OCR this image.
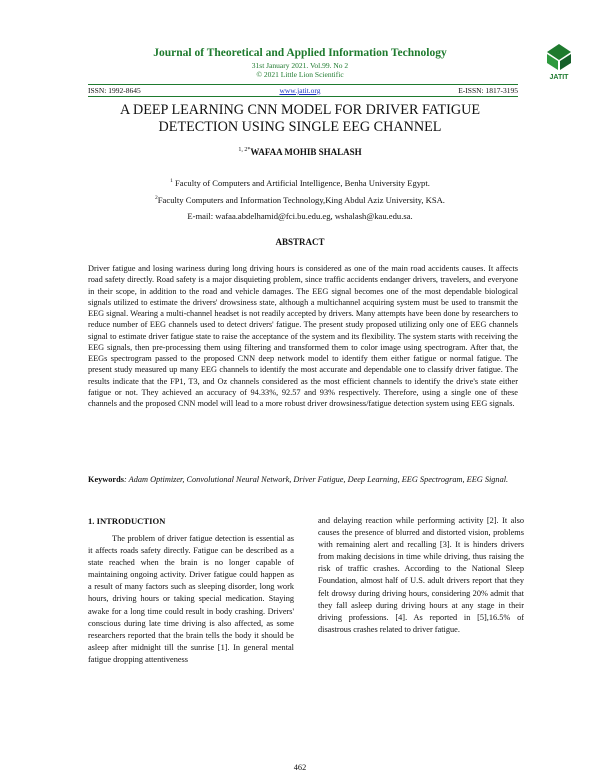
Journal of Theoretical and Applied Information Technology
31st January 2021. Vol.99. No 2
© 2021 Little Lion Scientific	JATIT
ISSN: 1992-8645	www.jatit.org	E-ISSN: 1817-3195
A DEEP LEARNING CNN MODEL FOR DRIVER FATIGUE
DETECTION USING SINGLE EEG CHANNEL
$^{1, 2*}$WAFAA MOHIB SHALASH
$^1$ Faculty of Computers and Artificial Intelligence, Benha University Egypt.
$^2$Faculty Computers and Information Technology,King Abdul Aziz University, KSA.
E-mail: wafaa.abdelhamid@fci.bu.edu.eg, wshalash@kau.edu.sa.
ABSTRACT
Driver fatigue and losing wariness during long driving hours is considered as one of the main road accidents causes. It affects road safety directly. Road safety is a major disquieting problem, since traffic accidents endanger drivers, travelers, and everyone in their scope, in addition to the road and vehicle damages. The EEG signal becomes one of the most dependable biological signals utilized to estimate the drivers' drowsiness state, although a multichannel acquiring system must be used to transmit the EEG signal. Wearing a multi-channel headset is not readily accepted by drivers. Many attempts have been done by researchers to reduce number of EEG channels used to detect drivers' fatigue. The present study proposed utilizing only one of EEG channels signal to estimate driver fatigue state to raise the acceptance of the system and its flexibility. The system starts with receiving the EEG signals, then pre-processing them using filtering and transformed them to color image using spectrogram. After that, the EEGs spectrogram passed to the proposed CNN deep network model to identify them either fatigue or normal fatigue. The present study measured up many EEG channels to identify the most accurate and dependable one to classify driver fatigue. The results indicate that the FP1, T3, and Oz channels considered as the most efficient channels to identify the drive's state either fatigue or not. They achieved an accuracy of 94.33%, 92.57 and 93% respectively. Therefore, using a single one of these channels and the proposed CNN model will lead to a more robust driver drowsiness/fatigue detection system using EEG signals.
Keywords: Adam Optimizer, Convolutional Neural Network, Driver Fatigue, Deep Learning, EEG Spectrogram, EEG Signal.
1. INTRODUCTION
The problem of driver fatigue detection is essential as it affects roads safety directly. Fatigue can be described as a state reached when the brain is no longer capable of maintaining ongoing activity. Driver fatigue could happen as a result of many factors such as sleeping disorder, long work hours, driving hours or taking special medication. Staying awake for a long time could result in body crashing. Drivers' conscious during late time driving is also affected, as some researchers reported that the brain tells the body it should be asleep after midnight till the sunrise [1]. In general mental fatigue dropping attentiveness
and delaying reaction while performing activity [2]. It also causes the presence of blurred and distorted vision, problems with remaining alert and recalling [3]. It is hinders drivers from making decisions in time while driving, thus raising the risk of traffic crashes. According to the National Sleep Foundation, almost half of U.S. adult drivers report that they felt drowsy during driving hours, considering 20% admit that they fall asleep during driving hours at any stage in their driving professions. [4]. As reported in [5],16.5% of disastrous crashes related to driver fatigue.
462
